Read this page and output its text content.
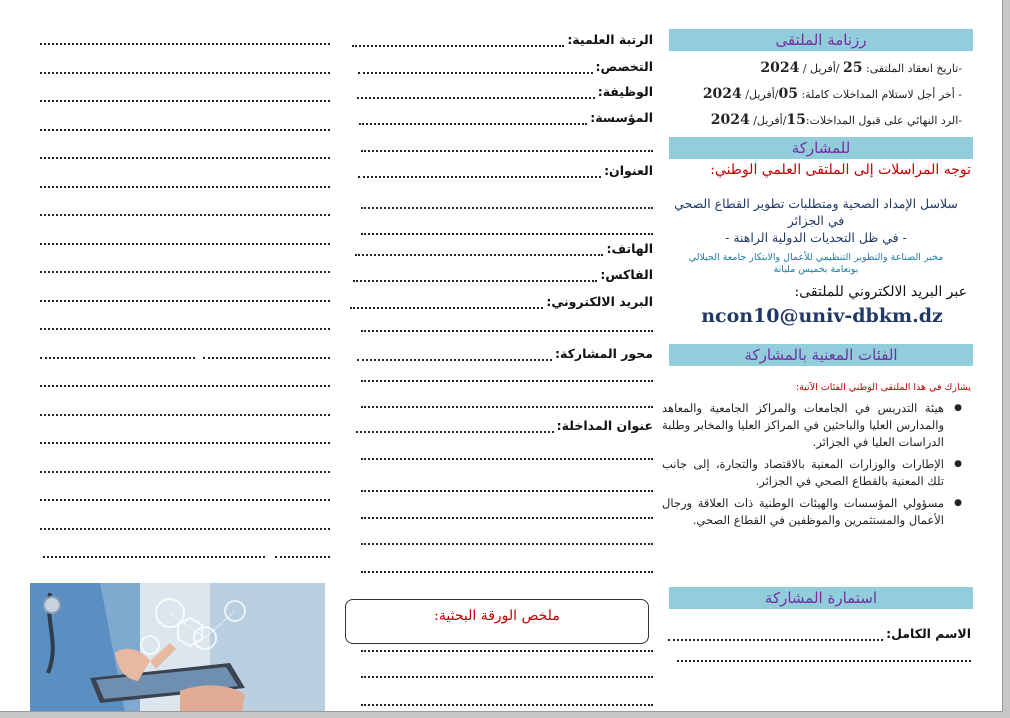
رزنامة الملتقى
-تاريخ انعقاد الملتقى: 25 /أفريل / 2024
- أخر أجل لاستلام المداخلات كاملة: 05/أفريل/ 2024
-الرد النهائي على قبول المداخلات:15/أفريل/ 2024
للمشاركة
توجه المراسلات إلى الملتقى العلمي الوطني:
سلاسل الإمداد الصحية ومتطلبات تطوير القطاع الصحي
في الجزائر
- في ظل التحديات الدولية الراهنة -
مخبر الصناعة والتطوير التنظيمي للأعمال والابتكار جامعة الجيلالي
بونعامة بخميس مليانة
عبر البريد الالكتروني للملتقى:
ncon10@univ-dbkm.dz
الفئات المعنية بالمشاركة
يشارك في هذا الملتقى الوطني الفئات الآتية:
● هيئة التدريس في الجامعات والمراكز الجامعية والمعاهد والمدارس العليا والباحثين في المراكز العليا والمخابر وطلبة الدراسات العليا في الجزائر.
● الإطارات والوزارات المعنية بالاقتصاد والتجارة، إلى جانب تلك المعنية بالقطاع الصحي في الجزائر.
● مسؤولي المؤسسات والهيئات الوطنية ذات العلاقة ورجال الأعمال والمستثمرين والموظفين في القطاع الصحي.
استمارة المشاركة
الاسم الكامل:
الرتبة العلمية:
التخصص:
الوظيفة:
المؤسسة:
العنوان:
الهاتف:
الفاكس:
البريد الالكتروني:
محور المشاركة:
عنوان المداخلة:
ملخص الورقة البحثية:
